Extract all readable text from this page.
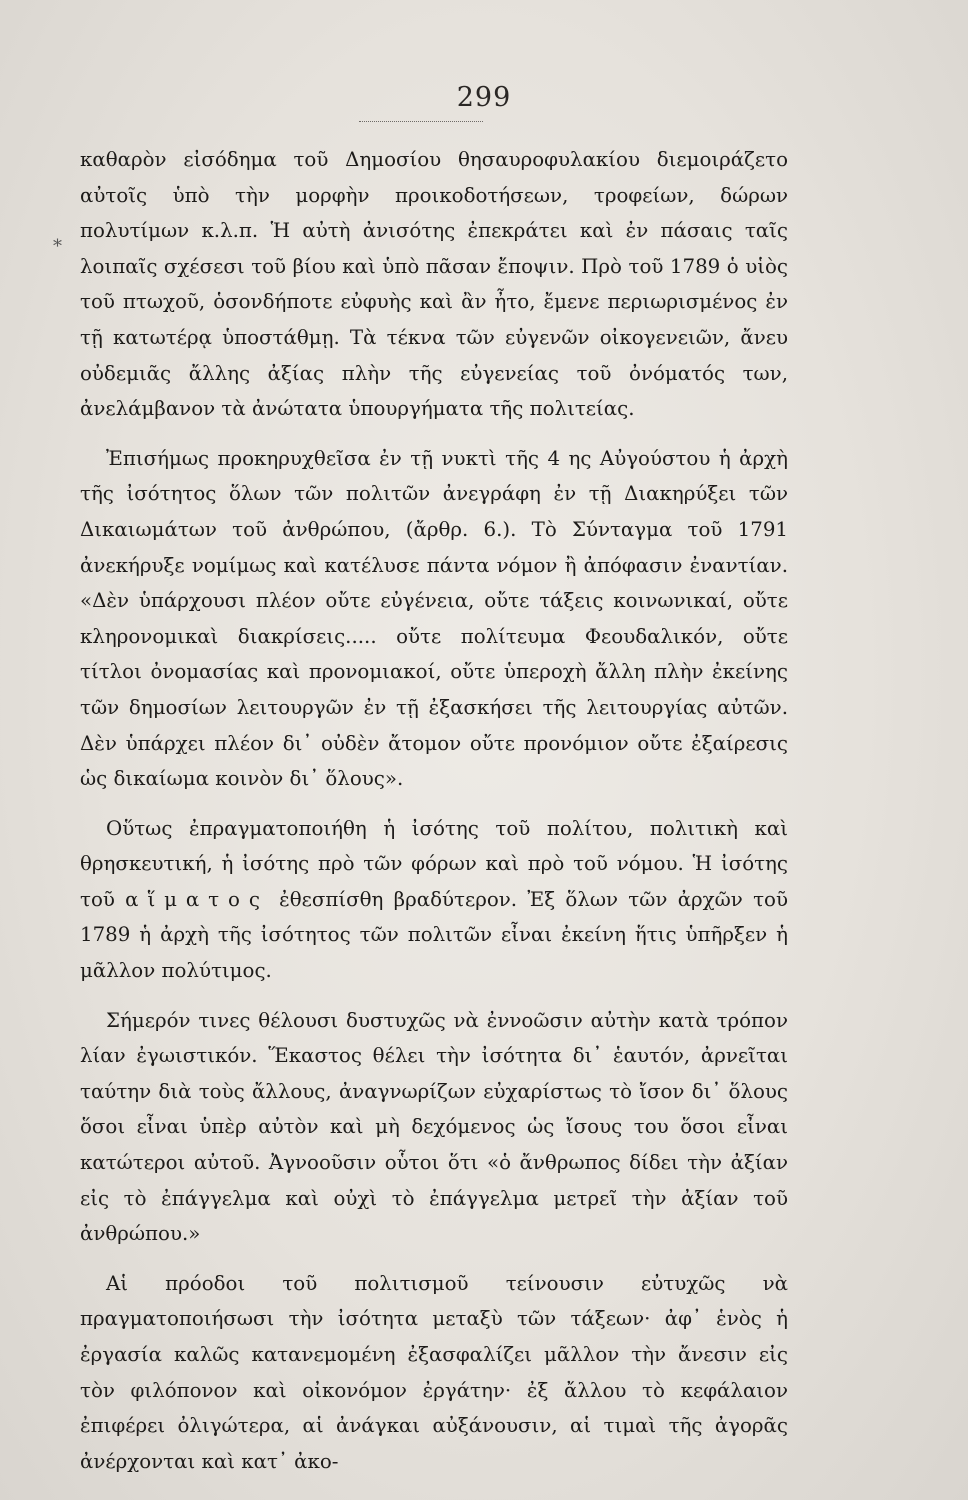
299
*

καθαρὸν εἰσόδημα τοῦ Δημοσίου θησαυροφυλακίου διεμοιράζετο αὐτοῖς ὑπὸ τὴν μορφὴν προικοδοτήσεων, τροφείων, δώρων πολυτίμων κ.λ.π. Ἡ αὐτὴ ἀνισότης ἐπεκράτει καὶ ἐν πάσαις ταῖς λοιπαῖς σχέσεσι τοῦ βίου καὶ ὑπὸ πᾶσαν ἔποψιν. Πρὸ τοῦ 1789 ὁ υἱὸς τοῦ πτωχοῦ, ὁσονδήποτε εὐφυὴς καὶ ἂν ἦτο, ἔμενε περιωρισμένος ἐν τῇ κατωτέρᾳ ὑποστάθμῃ. Τὰ τέκνα τῶν εὐγενῶν οἰκογενειῶν, ἄνευ οὐδεμιᾶς ἄλλης ἀξίας πλὴν τῆς εὐγενείας τοῦ ὀνόματός των, ἀνελάμβανον τὰ ἀνώτατα ὑπουργήματα τῆς πολιτείας.

Ἐπισήμως προκηρυχθεῖσα ἐν τῇ νυκτὶ τῆς 4 ης Αὐγούστου ἡ ἀρχὴ τῆς ἰσότητος ὅλων τῶν πολιτῶν ἀνεγράφη ἐν τῇ Διακηρύξει τῶν Δικαιωμάτων τοῦ ἀνθρώπου, (ἄρθρ. 6.). Τὸ Σύνταγμα τοῦ 1791 ἀνεκήρυξε νομίμως καὶ κατέλυσε πάντα νόμον ἢ ἀπόφασιν ἐναντίαν. «Δὲν ὑπάρχουσι πλέον οὔτε εὐγένεια, οὔτε τάξεις κοινωνικαί, οὔτε κληρονομικαὶ διακρίσεις..... οὔτε πολίτευμα Φεουδαλικόν, οὔτε τίτλοι ὀνομασίας καὶ προνομιακοί, οὔτε ὑπεροχὴ ἄλλη πλὴν ἐκείνης τῶν δημοσίων λειτουργῶν ἐν τῇ ἐξασκήσει τῆς λειτουργίας αὐτῶν. Δὲν ὑπάρχει πλέον δι᾽ οὐδὲν ἄτομον οὔτε προνόμιον οὔτε ἐξαίρεσις ὡς δικαίωμα κοινὸν δι᾽ ὅλους».

Οὕτως ἐπραγματοποιήθη ἡ ἰσότης τοῦ πολίτου, πολιτικὴ καὶ θρησκευτική, ἡ ἰσότης πρὸ τῶν φόρων καὶ πρὸ τοῦ νόμου. Ἡ ἰσότης τοῦ αἵματος ἐθεσπίσθη βραδύτερον. Ἐξ ὅλων τῶν ἀρχῶν τοῦ 1789 ἡ ἀρχὴ τῆς ἰσότητος τῶν πολιτῶν εἶναι ἐκείνη ἥτις ὑπῆρξεν ἡ μᾶλλον πολύτιμος.

Σήμερόν τινες θέλουσι δυστυχῶς νὰ ἐννοῶσιν αὐτὴν κατὰ τρόπον λίαν ἐγωιστικόν. Ἕκαστος θέλει τὴν ἰσότητα δι᾽ ἑαυτόν, ἀρνεῖται ταύτην διὰ τοὺς ἄλλους, ἀναγνωρίζων εὐχαρίστως τὸ ἴσον δι᾽ ὅλους ὅσοι εἶναι ὑπὲρ αὐτὸν καὶ μὴ δεχόμενος ὡς ἴσους του ὅσοι εἶναι κατώτεροι αὐτοῦ. Ἀγνοοῦσιν οὗτοι ὅτι «ὁ ἄνθρωπος δίδει τὴν ἀξίαν εἰς τὸ ἐπάγγελμα καὶ οὐχὶ τὸ ἐπάγγελμα μετρεῖ τὴν ἀξίαν τοῦ ἀνθρώπου.»

Αἱ πρόοδοι τοῦ πολιτισμοῦ τείνουσιν εὐτυχῶς νὰ πραγματοποιήσωσι τὴν ἰσότητα μεταξὺ τῶν τάξεων· ἀφ᾽ ἑνὸς ἡ ἐργασία καλῶς κατανεμομένη ἐξασφαλίζει μᾶλλον τὴν ἄνεσιν εἰς τὸν φιλόπονον καὶ οἰκονόμον ἐργάτην· ἐξ ἄλλου τὸ κεφάλαιον ἐπιφέρει ὀλιγώτερα, αἱ ἀνάγκαι αὐξάνουσιν, αἱ τιμαὶ τῆς ἀγορᾶς ἀνέρχονται καὶ κατ᾽ ἀκο-
